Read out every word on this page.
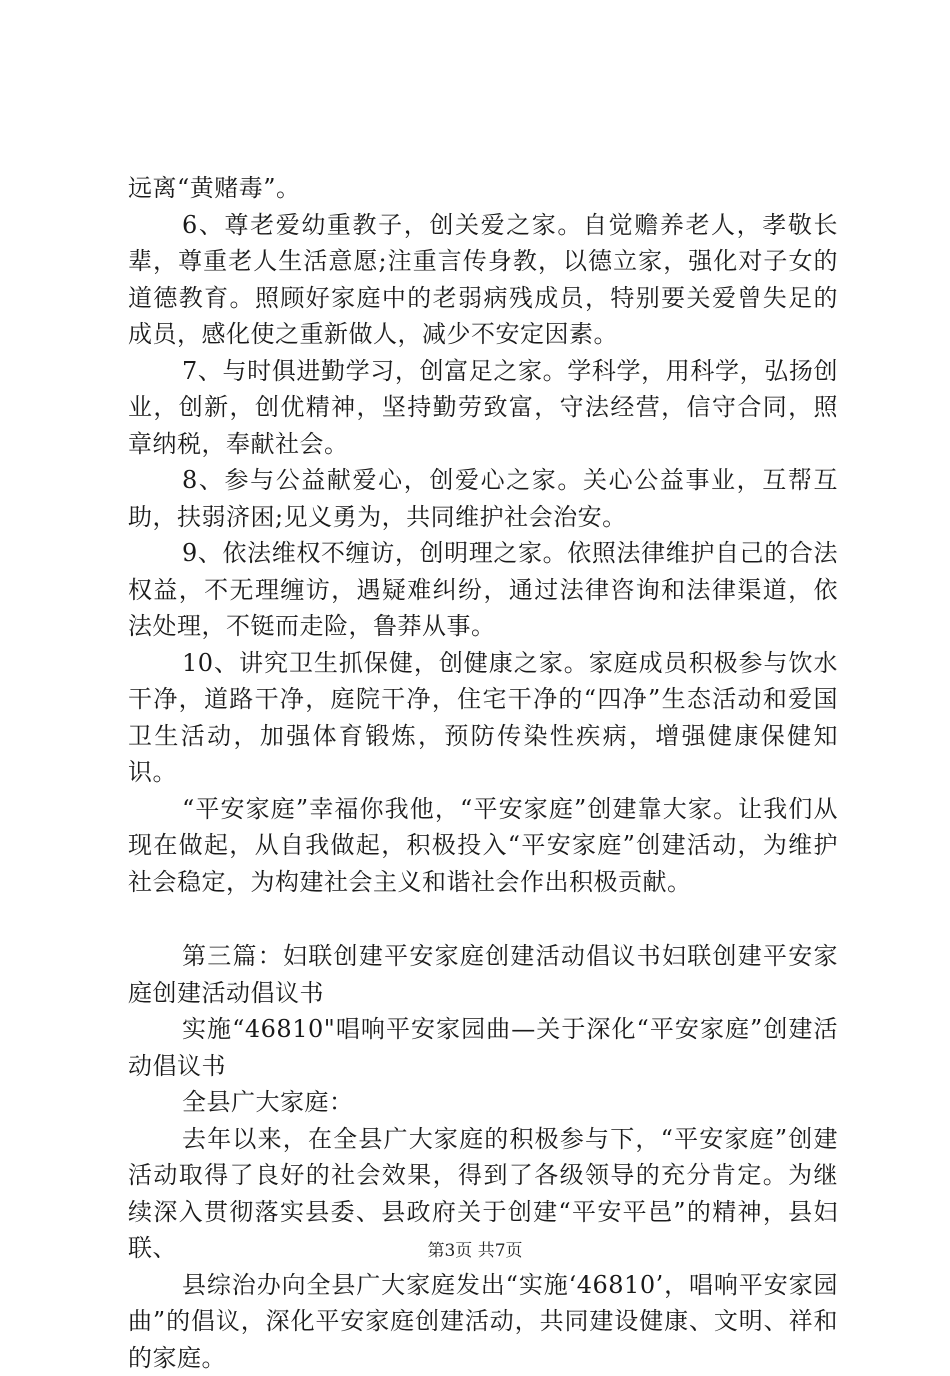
远离“黄赌毒”。

6、尊老爱幼重教子，创关爱之家。自觉赡养老人，孝敬长辈，尊重老人生活意愿;注重言传身教，以德立家，强化对子女的道德教育。照顾好家庭中的老弱病残成员，特别要关爱曾失足的成员，感化使之重新做人，减少不安定因素。

7、与时俱进勤学习，创富足之家。学科学，用科学，弘扬创业，创新，创优精神，坚持勤劳致富，守法经营，信守合同，照章纳税，奉献社会。

8、参与公益献爱心，创爱心之家。关心公益事业，互帮互助，扶弱济困;见义勇为，共同维护社会治安。

9、依法维权不缠访，创明理之家。依照法律维护自己的合法权益，不无理缠访，遇疑难纠纷，通过法律咨询和法律渠道，依法处理，不铤而走险，鲁莽从事。

10、讲究卫生抓保健，创健康之家。家庭成员积极参与饮水干净，道路干净，庭院干净，住宅干净的“四净”生态活动和爱国卫生活动，加强体育锻炼，预防传染性疾病，增强健康保健知识。

“平安家庭”幸福你我他，“平安家庭”创建靠大家。让我们从现在做起，从自我做起，积极投入“平安家庭”创建活动，为维护社会稳定，为构建社会主义和谐社会作出积极贡献。

第三篇：妇联创建平安家庭创建活动倡议书妇联创建平安家庭创建活动倡议书

实施“46810"唱响平安家园曲—关于深化“平安家庭”创建活动倡议书

全县广大家庭：

去年以来，在全县广大家庭的积极参与下，“平安家庭”创建活动取得了良好的社会效果，得到了各级领导的充分肯定。为继续深入贯彻落实县委、县政府关于创建“平安平邑”的精神，县妇联、

县综治办向全县广大家庭发出“实施‘46810’，唱响平安家园曲”的倡议，深化平安家庭创建活动，共同建设健康、文明、祥和的家庭。

第3页 共7页
